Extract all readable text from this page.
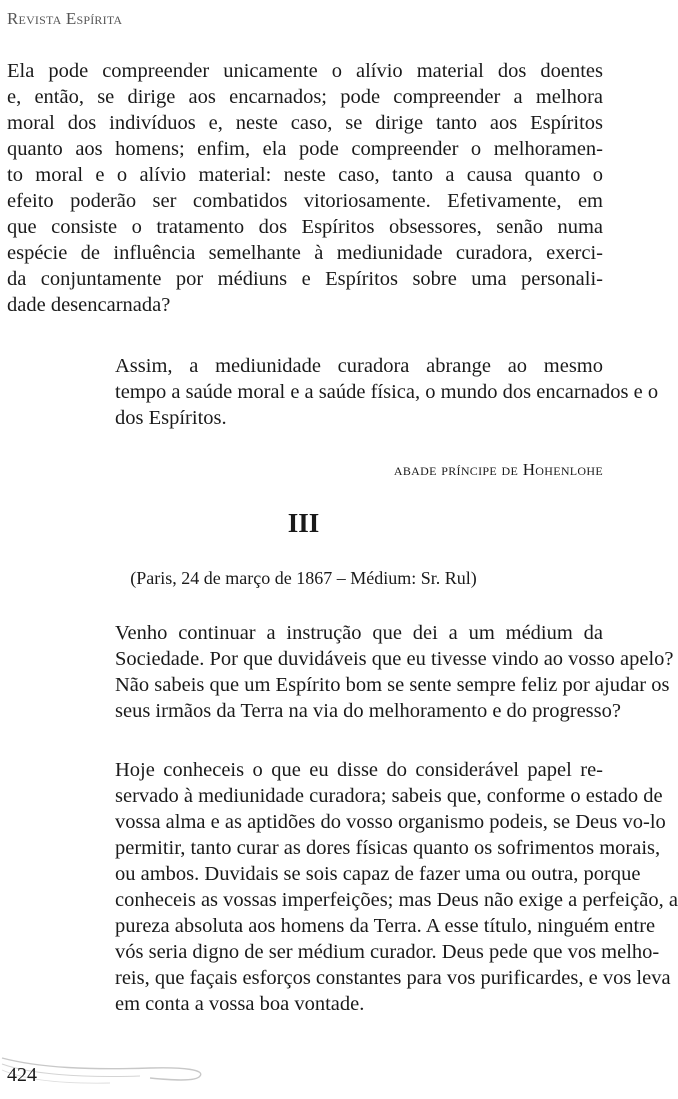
Revista Espírita

Ela pode compreender unicamente o alívio material dos doentes
e, então, se dirige aos encarnados; pode compreender a melhora
moral dos indivíduos e, neste caso, se dirige tanto aos Espíritos
quanto aos homens; enfim, ela pode compreender o melhoramen-
to moral e o alívio material: neste caso, tanto a causa quanto o
efeito poderão ser combatidos vitoriosamente. Efetivamente, em
que consiste o tratamento dos Espíritos obsessores, senão numa
espécie de influência semelhante à mediunidade curadora, exerci-
da conjuntamente por médiuns e Espíritos sobre uma personali-
dade desencarnada?

Assim, a mediunidade curadora abrange ao mesmo
tempo a saúde moral e a saúde física, o mundo dos encarnados e o
dos Espíritos.

abade príncipe de Hohenlohe
III
(Paris, 24 de março de 1867 – Médium: Sr. Rul)

Venho continuar a instrução que dei a um médium da
Sociedade. Por que duvidáveis que eu tivesse vindo ao vosso apelo?
Não sabeis que um Espírito bom se sente sempre feliz por ajudar os
seus irmãos da Terra na via do melhoramento e do progresso?

Hoje conheceis o que eu disse do considerável papel re-
servado à mediunidade curadora; sabeis que, conforme o estado de
vossa alma e as aptidões do vosso organismo podeis, se Deus vo-lo
permitir, tanto curar as dores físicas quanto os sofrimentos morais,
ou ambos. Duvidais se sois capaz de fazer uma ou outra, porque
conheceis as vossas imperfeições; mas Deus não exige a perfeição, a
pureza absoluta aos homens da Terra. A esse título, ninguém entre
vós seria digno de ser médium curador. Deus pede que vos melho-
reis, que façais esforços constantes para vos purificardes, e vos leva
em conta a vossa boa vontade.

424
